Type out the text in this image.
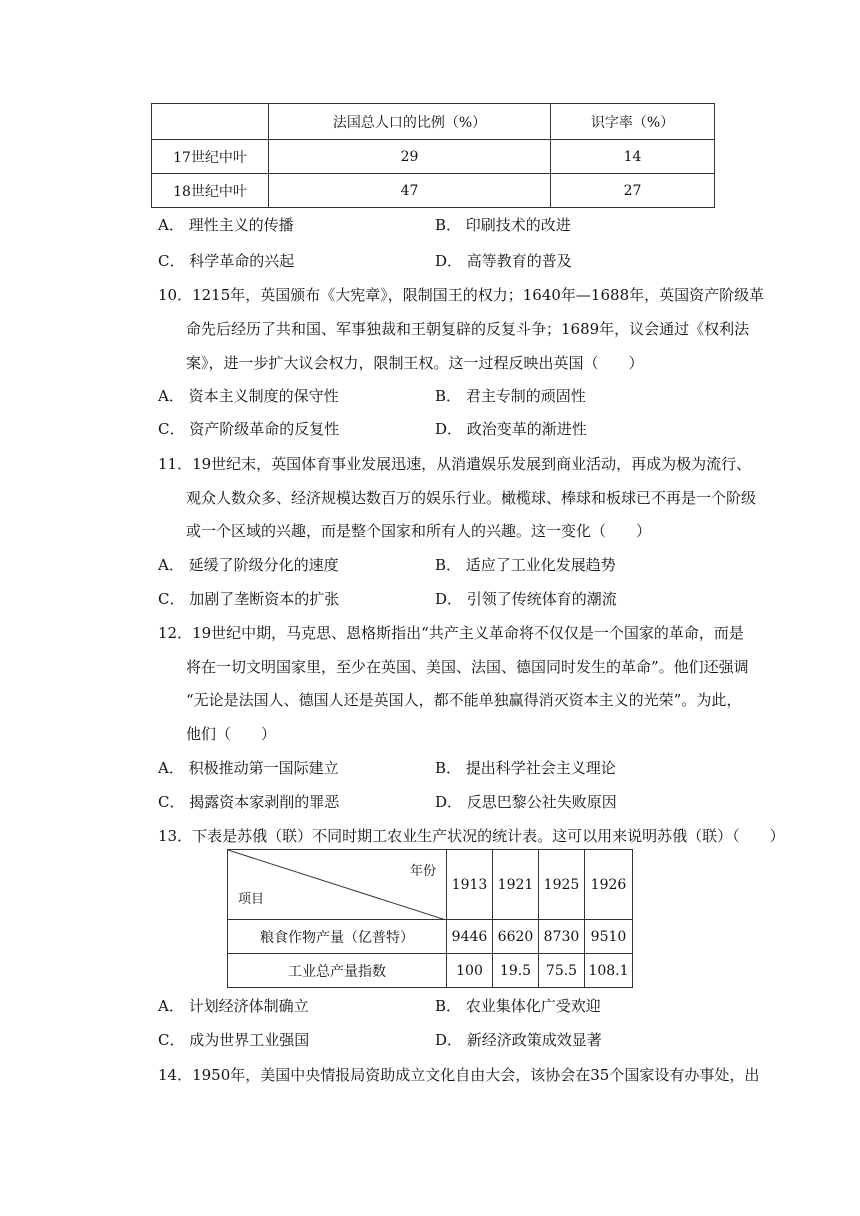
	法国总人口的比例（%）	识字率（%）
17世纪中叶	29	14
18世纪中叶	47	27
A． 理性主义的传播	B． 印刷技术的改进
C． 科学革命的兴起	D． 高等教育的普及
10．1215年，英国颁布《大宪章》，限制国王的权力；1640年—1688年，英国资产阶级革
命先后经历了共和国、军事独裁和王朝复辟的反复斗争；1689年，议会通过《权利法
案》，进一步扩大议会权力，限制王权。这一过程反映出英国（　　）
A． 资本主义制度的保守性	B． 君主专制的顽固性
C． 资产阶级革命的反复性	D． 政治变革的渐进性
11．19世纪末，英国体育事业发展迅速，从消遣娱乐发展到商业活动，再成为极为流行、
观众人数众多、经济规模达数百万的娱乐行业。橄榄球、棒球和板球已不再是一个阶级
或一个区域的兴趣，而是整个国家和所有人的兴趣。这一变化（　　）
A． 延缓了阶级分化的速度	B． 适应了工业化发展趋势
C． 加剧了垄断资本的扩张	D． 引领了传统体育的潮流
12．19世纪中期，马克思、恩格斯指出“共产主义革命将不仅仅是一个国家的革命，而是
将在一切文明国家里，至少在英国、美国、法国、德国同时发生的革命”。他们还强调
“无论是法国人、德国人还是英国人，都不能单独赢得消灭资本主义的光荣”。为此，
他们（　　）
A． 积极推动第一国际建立	B． 提出科学社会主义理论
C． 揭露资本家剥削的罪恶	D． 反思巴黎公社失败原因
13．下表是苏俄（联）不同时期工农业生产状况的统计表。这可以用来说明苏俄（联）（　　）
年份
项目	1913	1921	1925	1926
粮食作物产量（亿普特）	9446	6620	8730	9510
工业总产量指数	100	19.5	75.5	108.1
A． 计划经济体制确立	B． 农业集体化广受欢迎
C． 成为世界工业强国	D． 新经济政策成效显著
14．1950年，美国中央情报局资助成立文化自由大会，该协会在35个国家设有办事处，出
